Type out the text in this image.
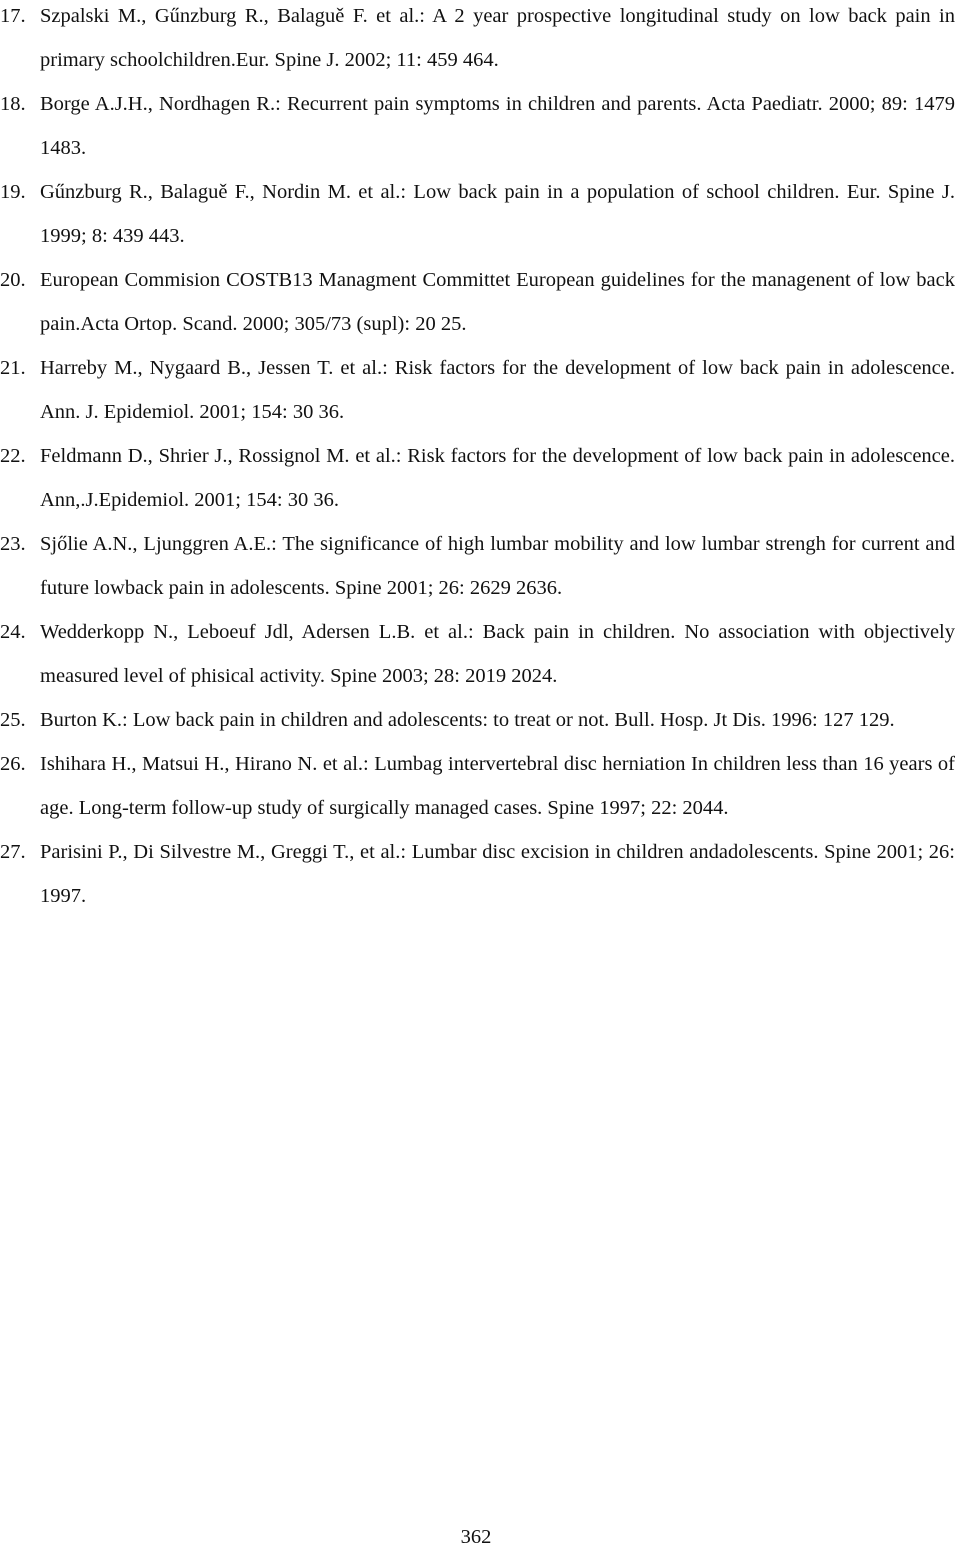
17. Szpalski M., Gűnzburg R., Balaguě F. et al.: A 2 year prospective longitudinal study on low back pain in primary schoolchildren.Eur. Spine J. 2002; 11: 459 464.
18. Borge A.J.H., Nordhagen R.: Recurrent pain symptoms in children and parents. Acta Paediatr. 2000; 89: 1479 1483.
19. Gűnzburg R., Balaguě F., Nordin M. et al.: Low back pain in a population of school children. Eur. Spine J. 1999; 8: 439 443.
20. European Commision COSTB13 Managment Committet European guidelines for the managenent of low back pain.Acta Ortop. Scand. 2000; 305/73 (supl): 20 25.
21. Harreby M., Nygaard B., Jessen T. et al.: Risk factors for the development of low back pain in adolescence. Ann. J. Epidemiol. 2001; 154: 30 36.
22. Feldmann D., Shrier J., Rossignol M. et al.: Risk factors for the development of low back pain in adolescence. Ann,.J.Epidemiol. 2001; 154: 30 36.
23. Sjőlie A.N., Ljunggren A.E.: The significance of high lumbar mobility and low lumbar strengh for current and future lowback pain in adolescents. Spine 2001; 26: 2629 2636.
24. Wedderkopp N., Leboeuf Jdl, Adersen L.B. et al.: Back pain in children. No association with objectively measured level of phisical activity. Spine 2003; 28: 2019 2024.
25. Burton K.: Low back pain in children and adolescents: to treat or not. Bull. Hosp. Jt Dis. 1996: 127 129.
26. Ishihara H., Matsui H., Hirano N. et al.: Lumbag intervertebral disc herniation In children less than 16 years of age. Long-term follow-up study of surgically managed cases. Spine 1997; 22: 2044.
27. Parisini P., Di Silvestre M., Greggi T., et al.: Lumbar disc excision in children andadolescents. Spine 2001; 26: 1997.
362
